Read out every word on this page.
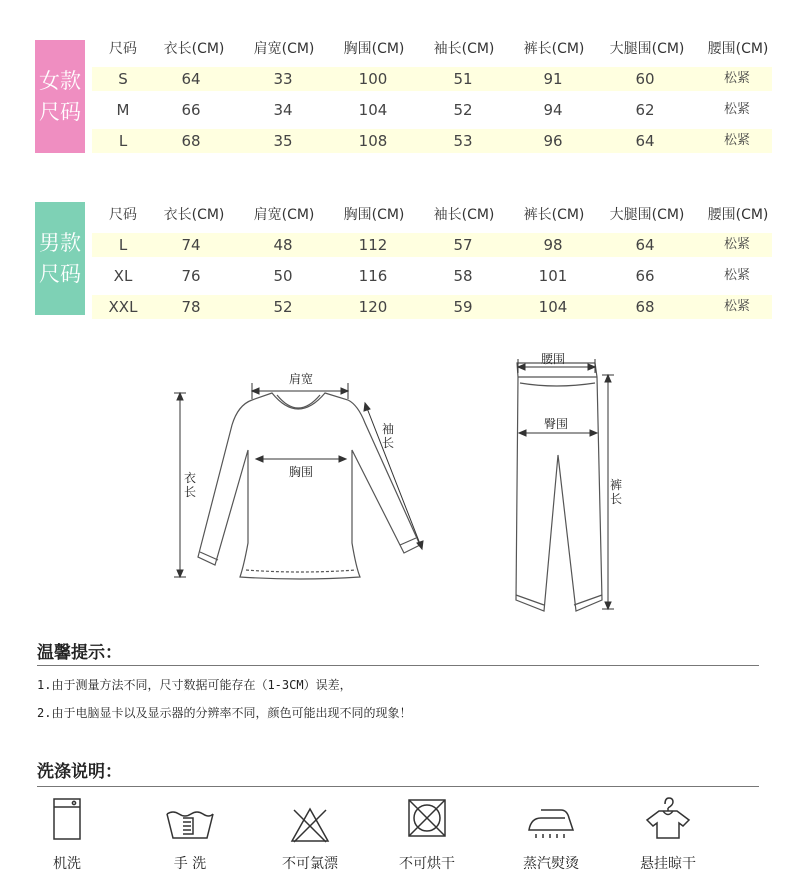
女款
尺码
尺码	衣长(CM)	肩宽(CM)	胸围(CM)	袖长(CM)	裤长(CM)	大腿围(CM)	腰围(CM)
S	64	33	100	51	91	60	松紧
M	66	34	104	52	94	62	松紧
L	68	35	108	53	96	64	松紧
男款
尺码
尺码	衣长(CM)	肩宽(CM)	胸围(CM)	袖长(CM)	裤长(CM)	大腿围(CM)	腰围(CM)
L	74	48	112	57	98	64	松紧
XL	76	50	116	58	101	66	松紧
XXL	78	52	120	59	104	68	松紧
肩宽
胸围
衣
长
袖
长
腰围
臀围
裤
长
温馨提示：
1.由于测量方法不同，尺寸数据可能存在（1-3CM）误差，
2.由于电脑显卡以及显示器的分辨率不同，颜色可能出现不同的现象！
洗涤说明：
机洗	手 洗	不可氯漂	不可烘干	蒸汽熨烫	悬挂晾干
